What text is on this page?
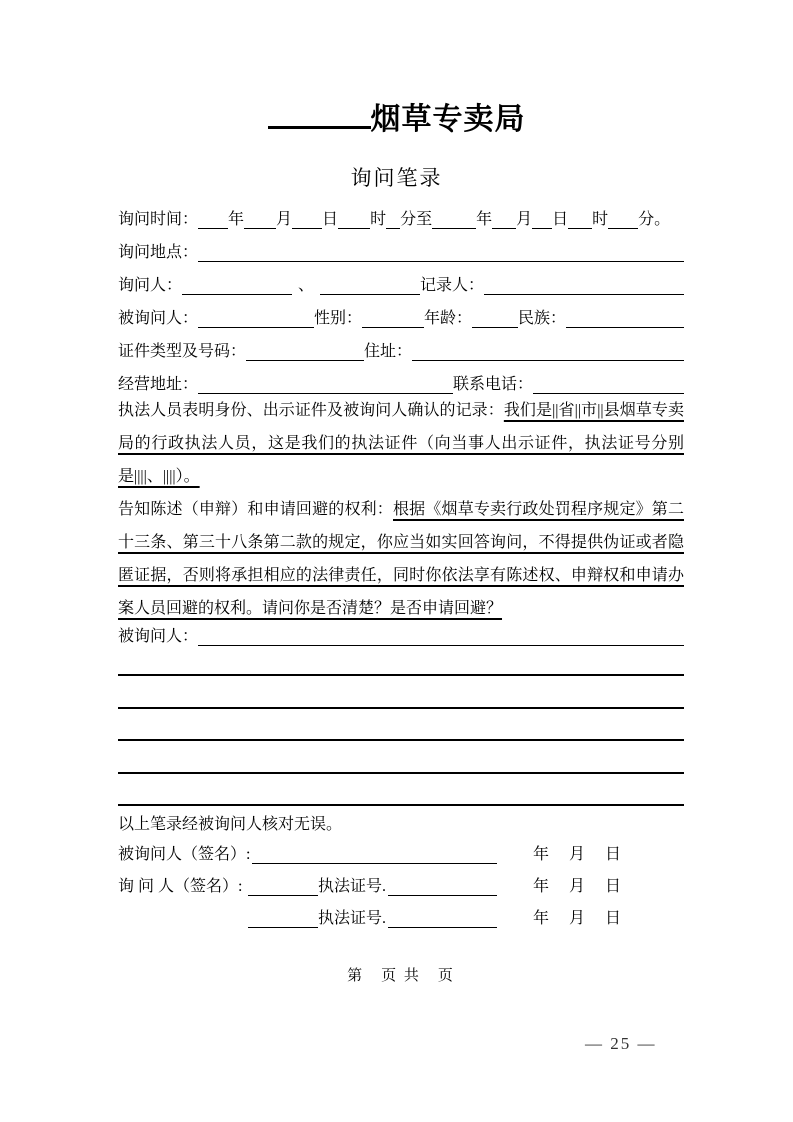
烟草专卖局
询问笔录
询问时间： 年 月 日 时 分至	年 月 日 时 分。
询问地点：
询问人：	、	记录人：
被询问人：	性别：	年龄：	民族：
证件类型及号码：	住址：
经营地址：	联系电话：

执法人员表明身份、出示证件及被询问人确认的记录：我们是||省||市||县烟草专卖局的行政执法人员，这是我们的执法证件（向当事人出示证件，执法证号分别是||||、||||）。

告知陈述（申辩）和申请回避的权利：根据《烟草专卖行政处罚程序规定》第二十三条、第三十八条第二款的规定，你应当如实回答询问，不得提供伪证或者隐匿证据，否则将承担相应的法律责任，同时你依法享有陈述权、申辩权和申请办案人员回避的权利。请问你是否清楚？是否申请回避？

被询问人：

以上笔录经被询问人核对无误。

被询问人（签名）:	年　月　日
询 问 人（签名）:	执法证号.	年　月　日
执法证号.	年　月　日
第　页 共　页
— 25 —
